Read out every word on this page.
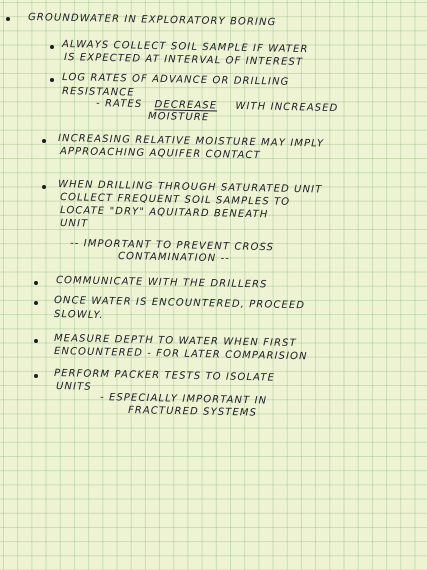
GROUNDWATER IN EXPLORATORY BORING
ALWAYS COLLECT SOIL SAMPLE IF WATER
IS EXPECTED AT INTERVAL OF INTEREST
LOG RATES OF ADVANCE OR DRILLING
RESISTANCE
- RATES DECREASE WITH INCREASED
MOISTURE
INCREASING RELATIVE MOISTURE MAY IMPLY
APPROACHING AQUIFER CONTACT
WHEN DRILLING THROUGH SATURATED UNIT
COLLECT FREQUENT SOIL SAMPLES TO
LOCATE "DRY" AQUITARD BENEATH
UNIT
-- IMPORTANT TO PREVENT CROSS
CONTAMINATION --
COMMUNICATE WITH THE DRILLERS
ONCE WATER IS ENCOUNTERED, PROCEED
SLOWLY.
MEASURE DEPTH TO WATER WHEN FIRST
ENCOUNTERED - FOR LATER COMPARISION
PERFORM PACKER TESTS TO ISOLATE
UNITS
- ESPECIALLY IMPORTANT IN
FRACTURED SYSTEMS
